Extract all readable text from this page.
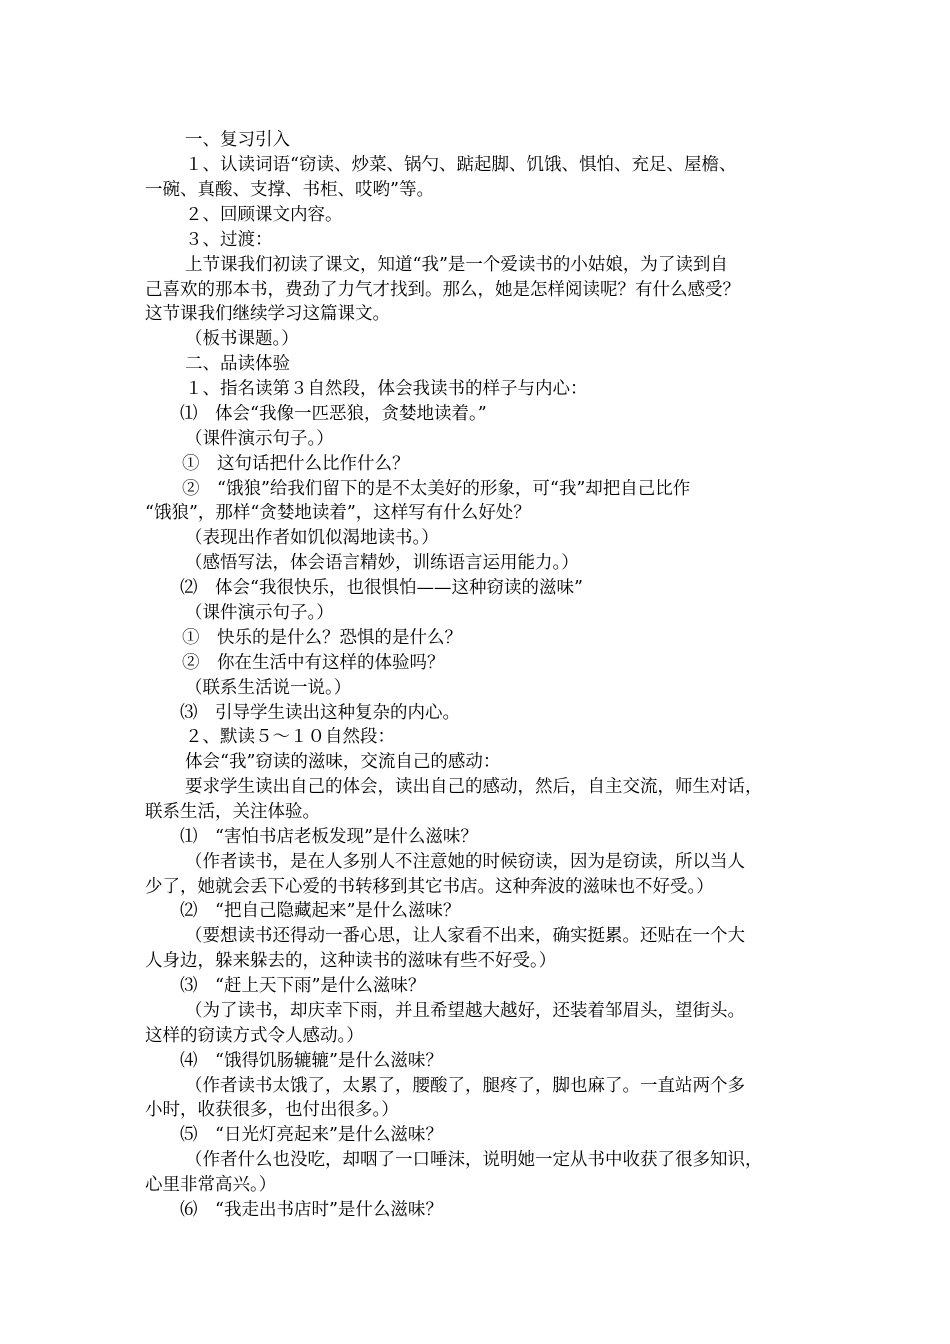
一、复习引入
１、认读词语“窃读、炒菜、锅勺、踮起脚、饥饿、惧怕、充足、屋檐、
一碗、真酸、支撑、书柜、哎哟”等。
２、回顾课文内容。
３、过渡：
上节课我们初读了课文，知道“我”是一个爱读书的小姑娘，为了读到自
己喜欢的那本书，费劲了力气才找到。那么，她是怎样阅读呢？有什么感受？
这节课我们继续学习这篇课文。
（板书课题。）
二、品读体验
１、指名读第３自然段，体会我读书的样子与内心：
⑴　体会“我像一匹恶狼，贪婪地读着。”
（课件演示句子。）
①　这句话把什么比作什么？
②　“饿狼”给我们留下的是不太美好的形象，可“我”却把自己比作
“饿狼”，那样“贪婪地读着”，这样写有什么好处？
（表现出作者如饥似渴地读书。）
（感悟写法，体会语言精妙，训练语言运用能力。）
⑵　体会“我很快乐，也很惧怕——这种窃读的滋味”
（课件演示句子。）
①　快乐的是什么？恐惧的是什么？
②　你在生活中有这样的体验吗？
（联系生活说一说。）
⑶　引导学生读出这种复杂的内心。
２、默读５～１０自然段：
体会“我”窃读的滋味，交流自己的感动：
要求学生读出自己的体会，读出自己的感动，然后，自主交流，师生对话，
联系生活，关注体验。
⑴　“害怕书店老板发现”是什么滋味？
（作者读书，是在人多别人不注意她的时候窃读，因为是窃读，所以当人
少了，她就会丢下心爱的书转移到其它书店。这种奔波的滋味也不好受。）
⑵　“把自己隐藏起来”是什么滋味？
（要想读书还得动一番心思，让人家看不出来，确实挺累。还贴在一个大
人身边，躲来躲去的，这种读书的滋味有些不好受。）
⑶　“赶上天下雨”是什么滋味？
（为了读书，却庆幸下雨，并且希望越大越好，还装着邹眉头，望街头。
这样的窃读方式令人感动。）
⑷　“饿得饥肠辘辘”是什么滋味？
（作者读书太饿了，太累了，腰酸了，腿疼了，脚也麻了。一直站两个多
小时，收获很多，也付出很多。）
⑸　“日光灯亮起来”是什么滋味？
（作者什么也没吃，却咽了一口唾沫，说明她一定从书中收获了很多知识，
心里非常高兴。）
⑹　“我走出书店时”是什么滋味？
